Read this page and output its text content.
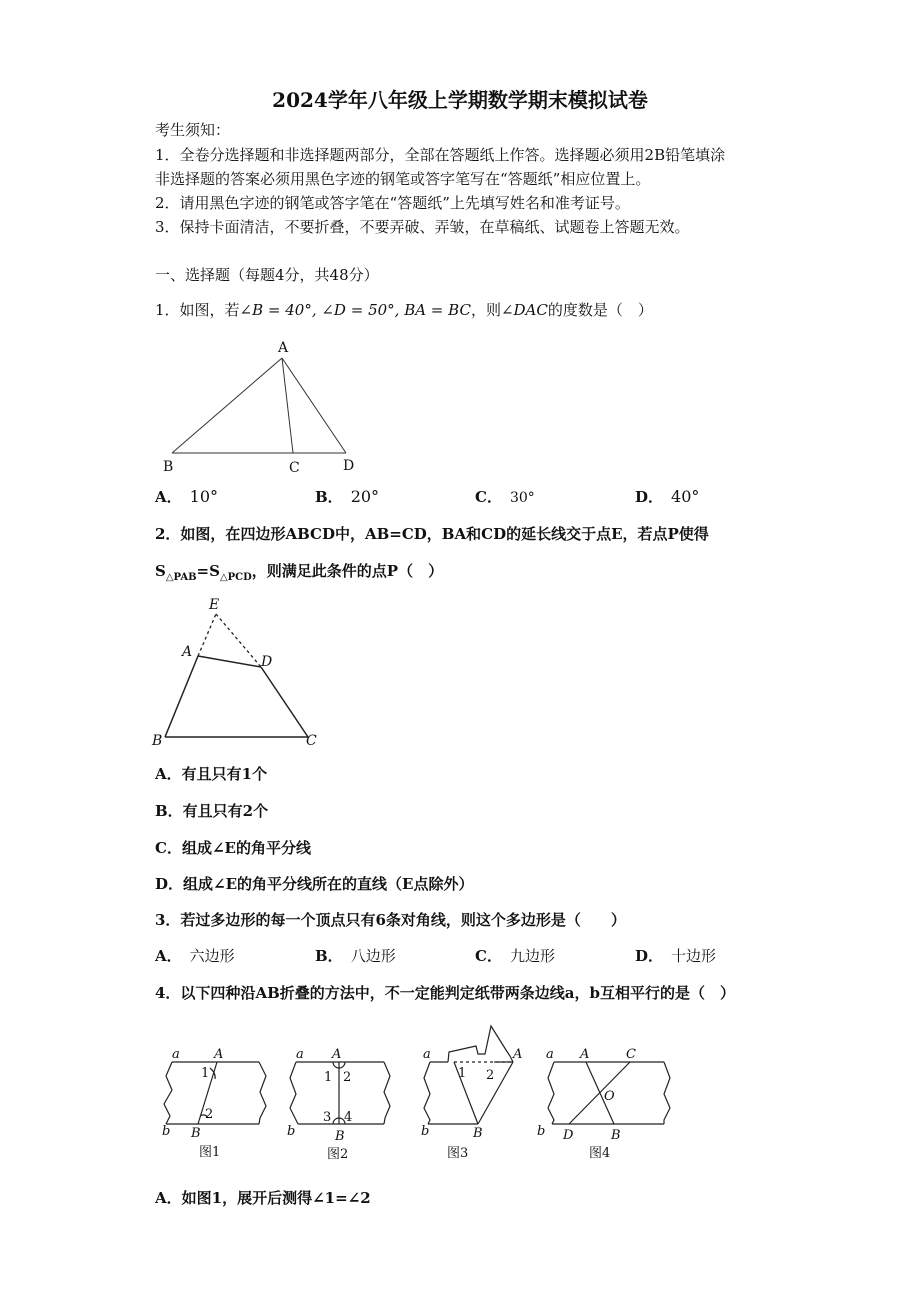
2024学年八年级上学期数学期末模拟试卷
考生须知：
1．全卷分选择题和非选择题两部分，全部在答题纸上作答。选择题必须用2B铅笔填涂
非选择题的答案必须用黑色字迹的钢笔或答字笔写在“答题纸”相应位置上。
2．请用黑色字迹的钢笔或答字笔在“答题纸”上先填写姓名和准考证号。
3．保持卡面清洁，不要折叠，不要弄破、弄皱，在草稿纸、试题卷上答题无效。
一、选择题（每题4分，共48分）
1．如图，若∠B = 40°, ∠D = 50°, BA = BC，则∠DAC的度数是（　）
A
B	C	D
A． 10°	B． 20°	C． 30°	D． 40°
2．如图，在四边形ABCD中，AB=CD，BA和CD的延长线交于点E，若点P使得
$S_{\triangle PAB}=S_{\triangle PCD}$，则满足此条件的点P（　）
E
A
D
B	C
A．有且只有1个
B．有且只有2个
C．组成∠E的角平分线
D．组成∠E的角平分线所在的直线（E点除外）
3．若过多边形的每一个顶点只有6条对角线，则这个多边形是（　　）
A． 六边形	B． 八边形	C． 九边形	D． 十边形
4．以下四种沿AB折叠的方法中，不一定能判定纸带两条边线a，b互相平行的是（　）
a	A
1
2
b B
图1
a A
1 2
3 4
b	B
图2
a	A
1 2
b	B
图3
a A	C
O
b D	B
图4
A．如图1，展开后测得∠1=∠2
